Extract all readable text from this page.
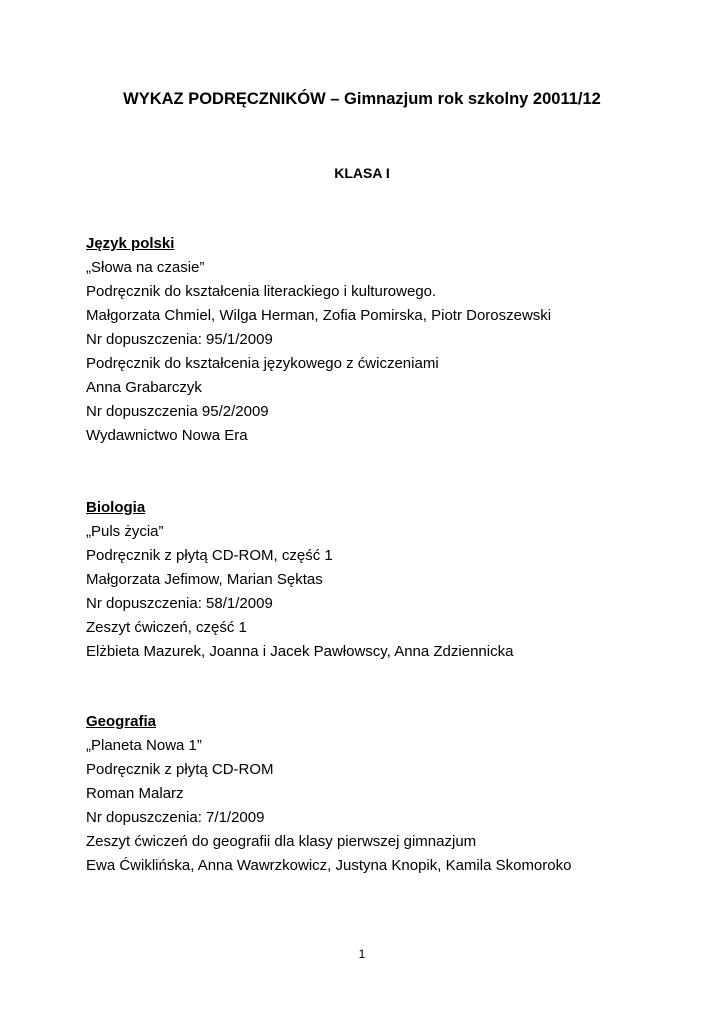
WYKAZ PODRĘCZNIKÓW – Gimnazjum rok szkolny 20011/12
KLASA I
Język polski
„Słowa na czasie”
Podręcznik do kształcenia literackiego i kulturowego.
Małgorzata Chmiel, Wilga Herman, Zofia Pomirska, Piotr Doroszewski
Nr dopuszczenia: 95/1/2009
Podręcznik do kształcenia językowego z ćwiczeniami
Anna Grabarczyk
Nr dopuszczenia 95/2/2009
Wydawnictwo Nowa Era
Biologia
„Puls życia”
Podręcznik z płytą CD-ROM, część 1
Małgorzata Jefimow, Marian Sęktas
Nr dopuszczenia: 58/1/2009
Zeszyt ćwiczeń, część 1
Elżbieta Mazurek, Joanna i Jacek Pawłowscy, Anna Zdziennicka
Geografia
„Planeta Nowa 1”
Podręcznik z płytą CD-ROM
Roman Malarz
Nr dopuszczenia: 7/1/2009
Zeszyt ćwiczeń do geografii dla klasy pierwszej gimnazjum
Ewa Ćwiklińska, Anna Wawrzkowicz, Justyna Knopik, Kamila Skomoroko
1
